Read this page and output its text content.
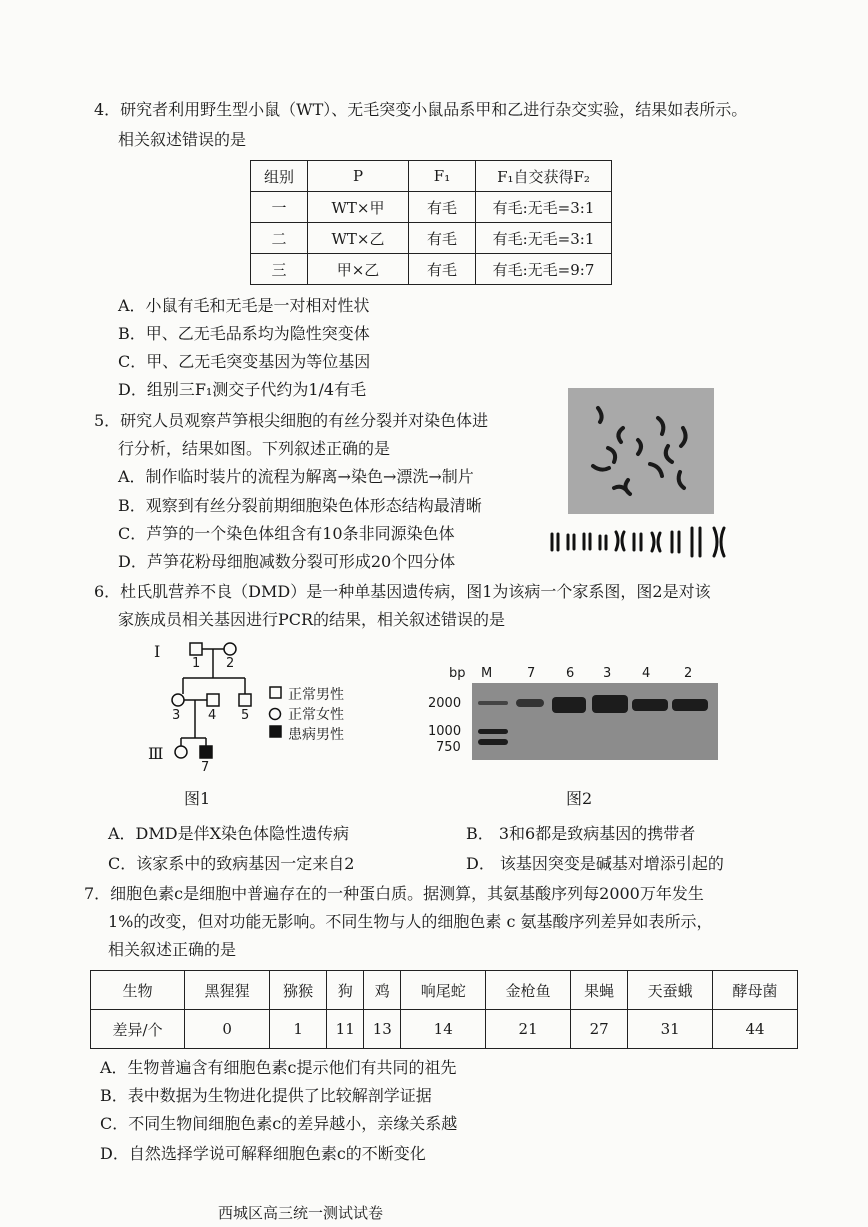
4．研究者利用野生型小鼠（WT）、无毛突变小鼠品系甲和乙进行杂交实验，结果如表所示。
相关叙述错误的是
组别	P	F₁	F₁自交获得F₂
一	WT×甲	有毛	有毛:无毛=3:1
二	WT×乙	有毛	有毛:无毛=3:1
三	甲×乙	有毛	有毛:无毛=9:7
A．小鼠有毛和无毛是一对相对性状
B．甲、乙无毛品系均为隐性突变体
C．甲、乙无毛突变基因为等位基因
D．组别三F₁测交子代约为1/4有毛
5．研究人员观察芦笋根尖细胞的有丝分裂并对染色体进
行分析，结果如图。下列叙述正确的是
A．制作临时装片的流程为解离→染色→漂洗→制片
B．观察到有丝分裂前期细胞染色体形态结构最清晰
C．芦笋的一个染色体组含有10条非同源染色体
D．芦笋花粉母细胞减数分裂可形成20个四分体
6．杜氏肌营养不良（DMD）是一种单基因遗传病，图1为该病一个家系图，图2是对该
家族成员相关基因进行PCR的结果，相关叙述错误的是
I
Ⅲ
1 2
3 4 5
7
正常男性
正常女性
患病男性
图1
bp M	7 6 3 4	2
2000
1000
750
图2
A．DMD是伴X染色体隐性遗传病	B． 3和6都是致病基因的携带者
C．该家系中的致病基因一定来自2	D． 该基因突变是碱基对增添引起的
7．细胞色素c是细胞中普遍存在的一种蛋白质。据测算，其氨基酸序列每2000万年发生
1%的改变，但对功能无影响。不同生物与人的细胞色素 c 氨基酸序列差异如表所示，
相关叙述正确的是
生物	黑猩猩	猕猴	狗	鸡	响尾蛇	金枪鱼	果蝇	天蚕蛾	酵母菌
差异/个	0	1	11	13	14	21	27	31	44
A．生物普遍含有细胞色素c提示他们有共同的祖先
B．表中数据为生物进化提供了比较解剖学证据
C．不同生物间细胞色素c的差异越小，亲缘关系越
D．自然选择学说可解释细胞色素c的不断变化
西城区高三统一测试试卷
